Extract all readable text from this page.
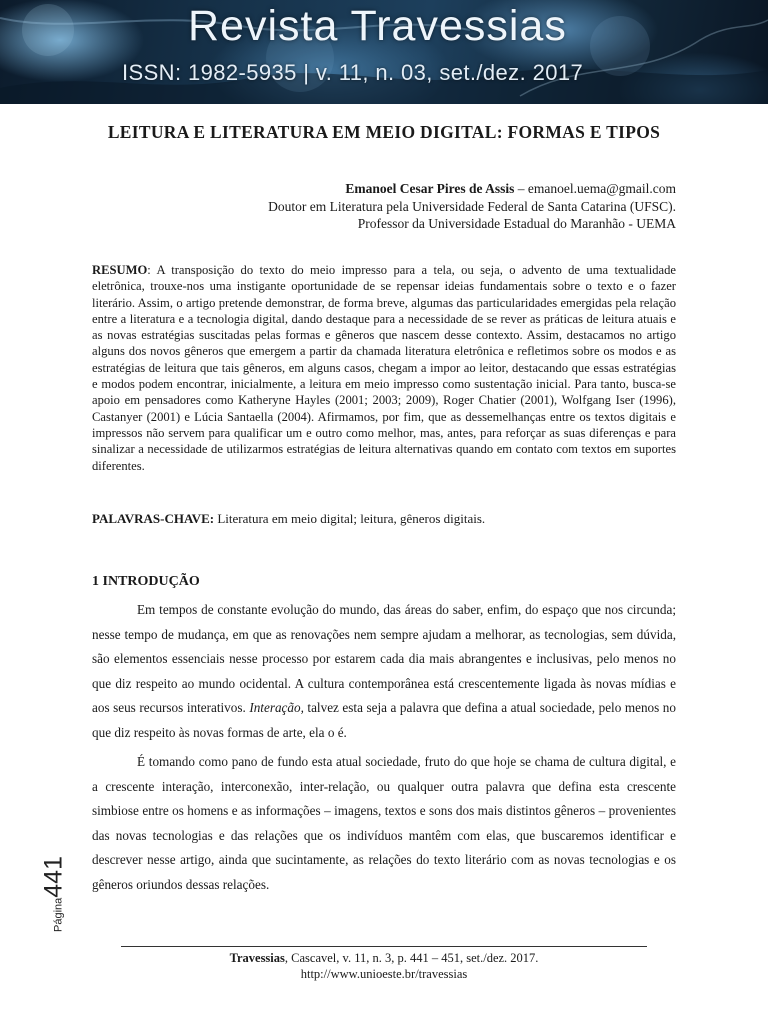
Revista Travessias
ISSN: 1982-5935 | v. 11, n. 03, set./dez. 2017
LEITURA E LITERATURA EM MEIO DIGITAL: FORMAS E TIPOS
Emanoel Cesar Pires de Assis – emanoel.uema@gmail.com
Doutor em Literatura pela Universidade Federal de Santa Catarina (UFSC).
Professor da Universidade Estadual do Maranhão - UEMA

RESUMO: A transposição do texto do meio impresso para a tela, ou seja, o advento de uma textualidade eletrônica, trouxe-nos uma instigante oportunidade de se repensar ideias fundamentais sobre o texto e o fazer literário. Assim, o artigo pretende demonstrar, de forma breve, algumas das particularidades emergidas pela relação entre a literatura e a tecnologia digital, dando destaque para a necessidade de se rever as práticas de leitura atuais e as novas estratégias suscitadas pelas formas e gêneros que nascem desse contexto. Assim, destacamos no artigo alguns dos novos gêneros que emergem a partir da chamada literatura eletrônica e refletimos sobre os modos e as estratégias de leitura que tais gêneros, em alguns casos, chegam a impor ao leitor, destacando que essas estratégias e modos podem encontrar, inicialmente, a leitura em meio impresso como sustentação inicial. Para tanto, busca-se apoio em pensadores como Katheryne Hayles (2001; 2003; 2009), Roger Chatier (2001), Wolfgang Iser (1996), Castanyer (2001) e Lúcia Santaella (2004). Afirmamos, por fim, que as dessemelhanças entre os textos digitais e impressos não servem para qualificar um e outro como melhor, mas, antes, para reforçar as suas diferenças e para sinalizar a necessidade de utilizarmos estratégias de leitura alternativas quando em contato com textos em suportes diferentes.

PALAVRAS-CHAVE: Literatura em meio digital; leitura, gêneros digitais.

1 INTRODUÇÃO

Em tempos de constante evolução do mundo, das áreas do saber, enfim, do espaço que nos circunda; nesse tempo de mudança, em que as renovações nem sempre ajudam a melhorar, as tecnologias, sem dúvida, são elementos essenciais nesse processo por estarem cada dia mais abrangentes e inclusivas, pelo menos no que diz respeito ao mundo ocidental. A cultura contemporânea está crescentemente ligada às novas mídias e aos seus recursos interativos. Interação, talvez esta seja a palavra que defina a atual sociedade, pelo menos no que diz respeito às novas formas de arte, ela o é.

É tomando como pano de fundo esta atual sociedade, fruto do que hoje se chama de cultura digital, e a crescente interação, interconexão, inter-relação, ou qualquer outra palavra que defina esta crescente simbiose entre os homens e as informações – imagens, textos e sons dos mais distintos gêneros – provenientes das novas tecnologias e das relações que os indivíduos mantêm com elas, que buscaremos identificar e descrever nesse artigo, ainda que sucintamente, as relações do texto literário com as novas tecnologias e os gêneros oriundos dessas relações.

Página441
Travessias, Cascavel, v. 11, n. 3, p. 441 – 451, set./dez. 2017.
http://www.unioeste.br/travessias
